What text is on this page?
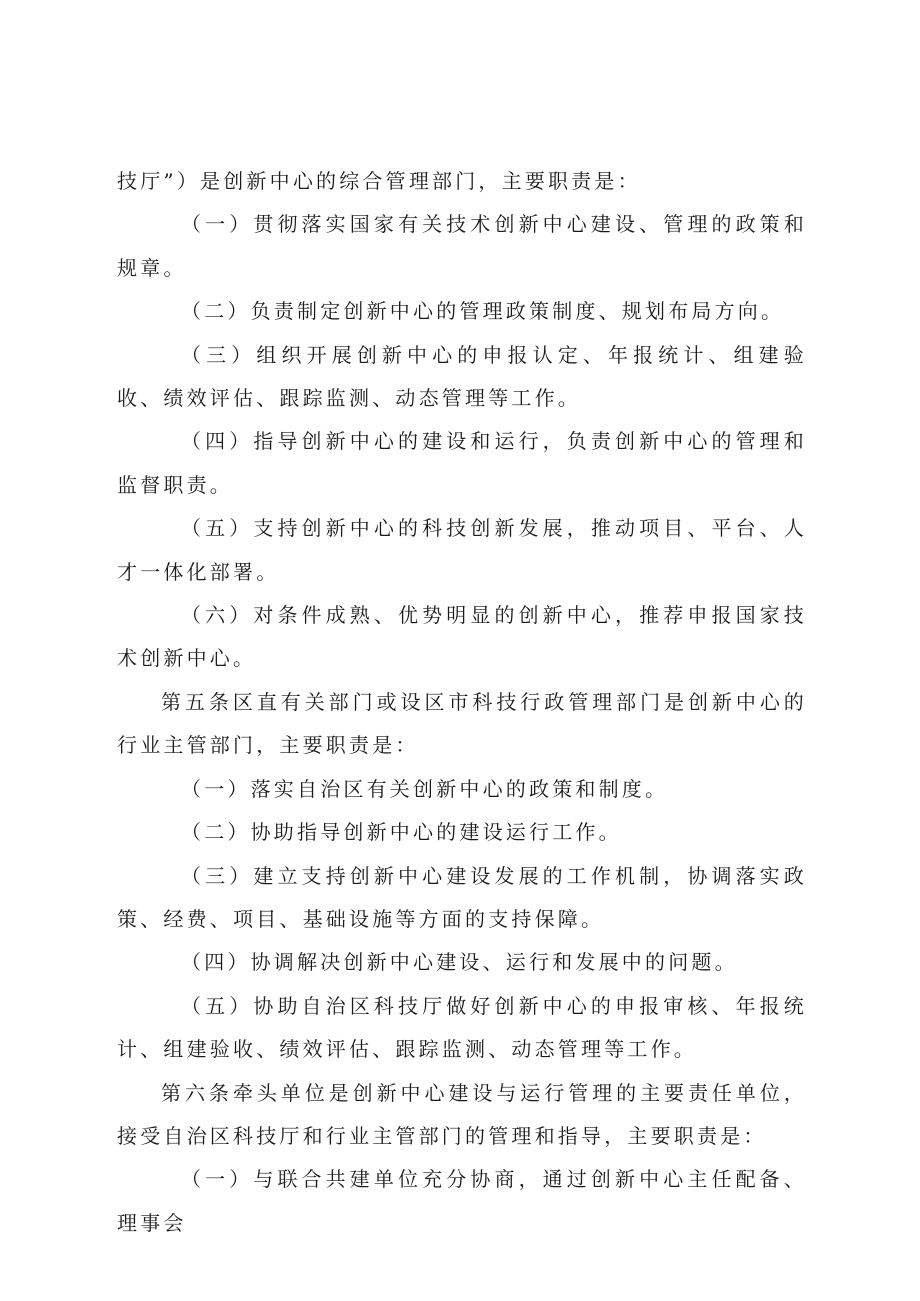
技厅”）是创新中心的综合管理部门，主要职责是：

（一）贯彻落实国家有关技术创新中心建设、管理的政策和规章。

（二）负责制定创新中心的管理政策制度、规划布局方向。

（三）组织开展创新中心的申报认定、年报统计、组建验收、绩效评估、跟踪监测、动态管理等工作。

（四）指导创新中心的建设和运行，负责创新中心的管理和监督职责。

（五）支持创新中心的科技创新发展，推动项目、平台、人才一体化部署。

（六）对条件成熟、优势明显的创新中心，推荐申报国家技术创新中心。

第五条区直有关部门或设区市科技行政管理部门是创新中心的行业主管部门，主要职责是：

（一）落实自治区有关创新中心的政策和制度。

（二）协助指导创新中心的建设运行工作。

（三）建立支持创新中心建设发展的工作机制，协调落实政策、经费、项目、基础设施等方面的支持保障。

（四）协调解决创新中心建设、运行和发展中的问题。

（五）协助自治区科技厅做好创新中心的申报审核、年报统计、组建验收、绩效评估、跟踪监测、动态管理等工作。

第六条牵头单位是创新中心建设与运行管理的主要责任单位，接受自治区科技厅和行业主管部门的管理和指导，主要职责是：

（一）与联合共建单位充分协商，通过创新中心主任配备、理事会
